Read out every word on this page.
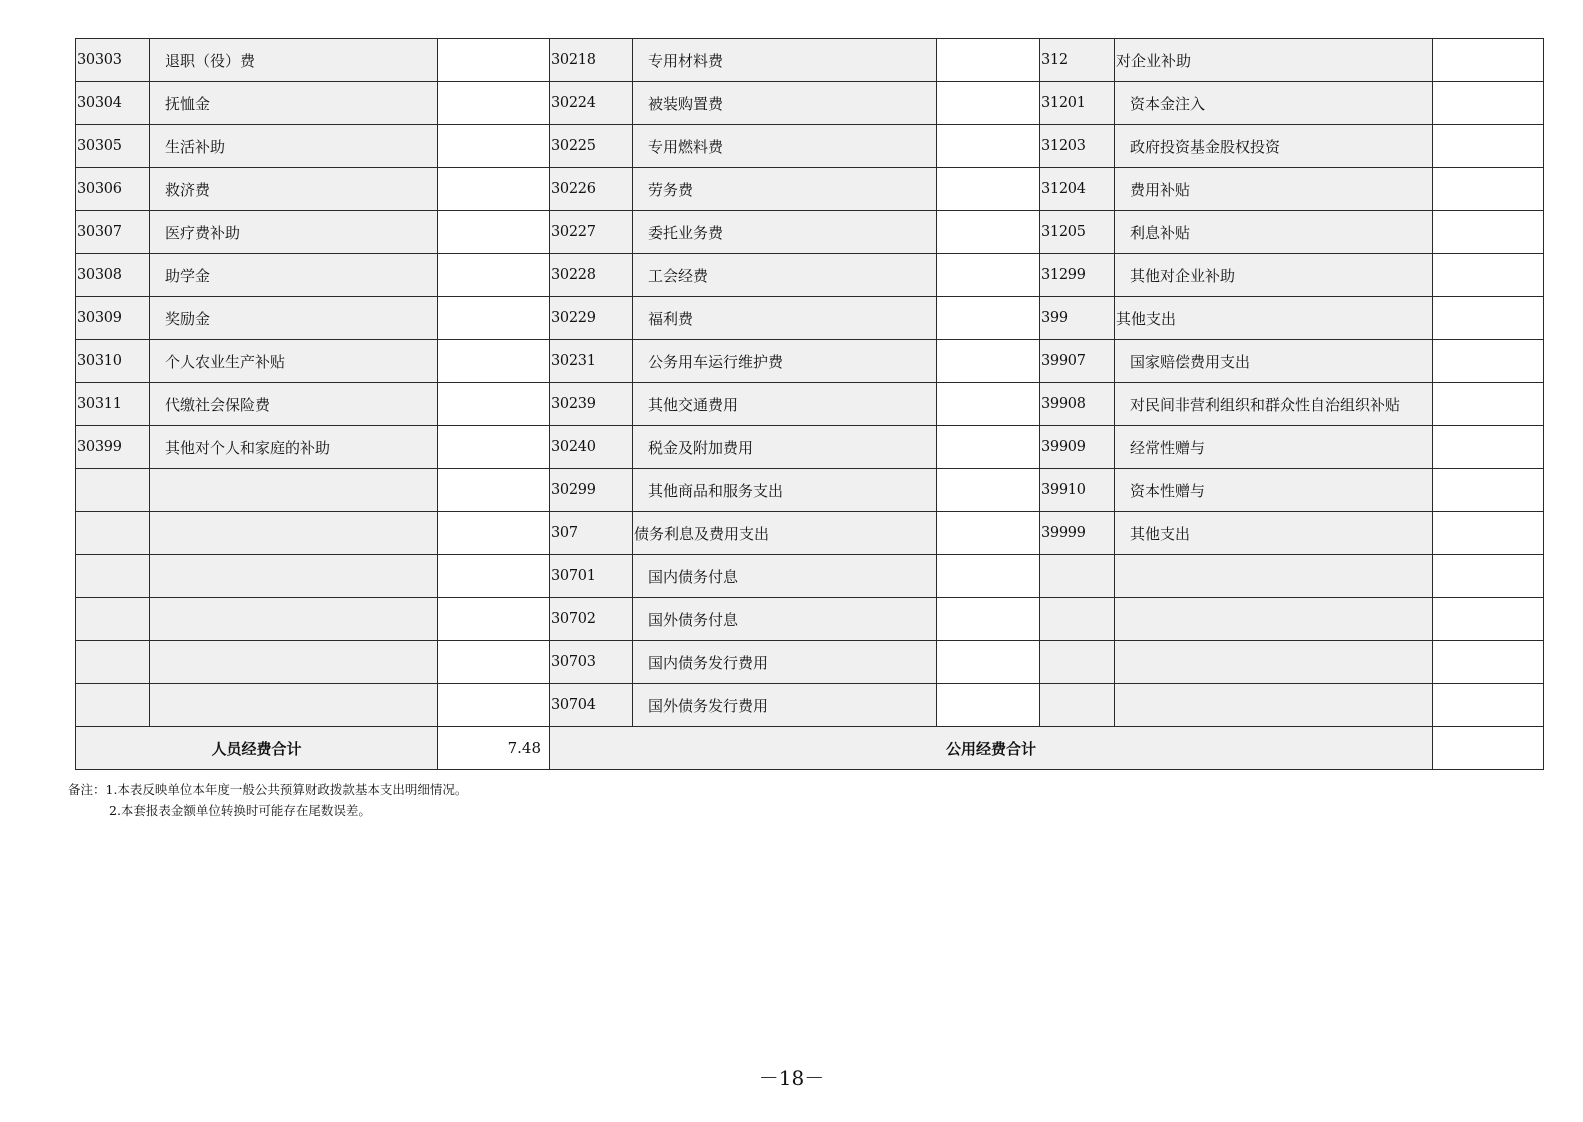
30303	退职（役）费		30218	专用材料费		312	对企业补助	
30304	抚恤金		30224	被装购置费		31201	资本金注入	
30305	生活补助		30225	专用燃料费		31203	政府投资基金股权投资	
30306	救济费		30226	劳务费		31204	费用补贴	
30307	医疗费补助		30227	委托业务费		31205	利息补贴	
30308	助学金		30228	工会经费		31299	其他对企业补助	
30309	奖励金		30229	福利费		399	其他支出	
30310	个人农业生产补贴		30231	公务用车运行维护费		39907	国家赔偿费用支出	
30311	代缴社会保险费		30239	其他交通费用		39908	对民间非营利组织和群众性自治组织补贴	
30399	其他对个人和家庭的补助		30240	税金及附加费用		39909	经常性赠与	
			30299	其他商品和服务支出		39910	资本性赠与	
			307	债务利息及费用支出		39999	其他支出	
			30701	国内债务付息				
			30702	国外债务付息				
			30703	国内债务发行费用				
			30704	国外债务发行费用				
人员经费合计		7.48	公用经费合计					
备注：1.本表反映单位本年度一般公共预算财政拨款基本支出明细情况。
2.本套报表金额单位转换时可能存在尾数误差。
－18－
